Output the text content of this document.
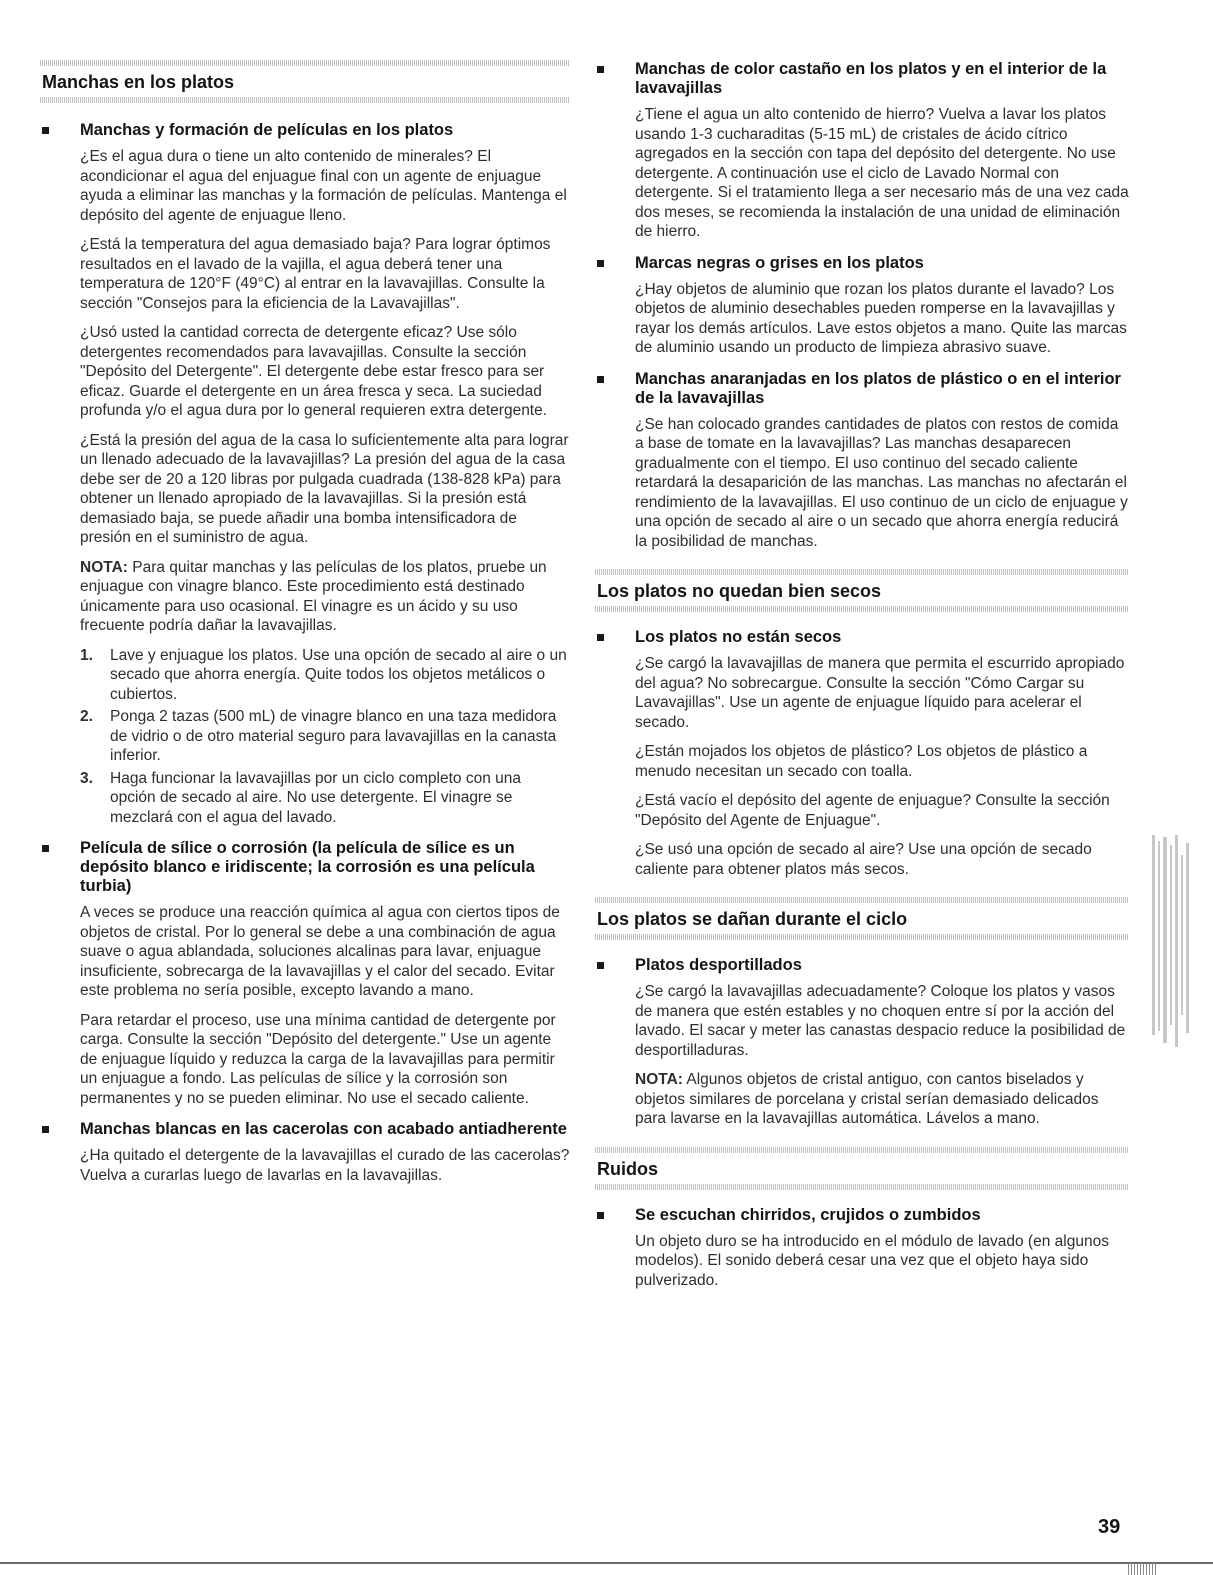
Manchas en los platos
Manchas y formación de películas en los platos

¿Es el agua dura o tiene un alto contenido de minerales? El acondicionar el agua del enjuague final con un agente de enjuague ayuda a eliminar las manchas y la formación de películas. Mantenga el depósito del agente de enjuague lleno.

¿Está la temperatura del agua demasiado baja? Para lograr óptimos resultados en el lavado de la vajilla, el agua deberá tener una temperatura de 120°F (49°C) al entrar en la lavavajillas. Consulte la sección "Consejos para la eficiencia de la Lavavajillas".

¿Usó usted la cantidad correcta de detergente eficaz? Use sólo detergentes recomendados para lavavajillas. Consulte la sección "Depósito del Detergente". El detergente debe estar fresco para ser eficaz. Guarde el detergente en un área fresca y seca. La suciedad profunda y/o el agua dura por lo general requieren extra detergente.

¿Está la presión del agua de la casa lo suficientemente alta para lograr un llenado adecuado de la lavavajillas? La presión del agua de la casa debe ser de 20 a 120 libras por pulgada cuadrada (138-828 kPa) para obtener un llenado apropiado de la lavavajillas. Si la presión está demasiado baja, se puede añadir una bomba intensificadora de presión en el suministro de agua.

NOTA: Para quitar manchas y las películas de los platos, pruebe un enjuague con vinagre blanco. Este procedimiento está destinado únicamente para uso ocasional. El vinagre es un ácido y su uso frecuente podría dañar la lavavajillas.

1. Lave y enjuague los platos. Use una opción de secado al aire o un secado que ahorra energía. Quite todos los objetos metálicos o cubiertos.
2. Ponga 2 tazas (500 mL) de vinagre blanco en una taza medidora de vidrio o de otro material seguro para lavavajillas en la canasta inferior.
3. Haga funcionar la lavavajillas por un ciclo completo con una opción de secado al aire. No use detergente. El vinagre se mezclará con el agua del lavado.
Película de sílice o corrosión (la película de sílice es un depósito blanco e iridiscente; la corrosión es una película turbia)

A veces se produce una reacción química al agua con ciertos tipos de objetos de cristal. Por lo general se debe a una combinación de agua suave o agua ablandada, soluciones alcalinas para lavar, enjuague insuficiente, sobrecarga de la lavavajillas y el calor del secado. Evitar este problema no sería posible, excepto lavando a mano.

Para retardar el proceso, use una mínima cantidad de detergente por carga. Consulte la sección "Depósito del detergente." Use un agente de enjuague líquido y reduzca la carga de la lavavajillas para permitir un enjuague a fondo. Las películas de sílice y la corrosión son permanentes y no se pueden eliminar. No use el secado caliente.

Manchas blancas en las cacerolas con acabado antiadherente

¿Ha quitado el detergente de la lavavajillas el curado de las cacerolas? Vuelva a curarlas luego de lavarlas en la lavavajillas.

Manchas de color castaño en los platos y en el interior de la lavavajillas

¿Tiene el agua un alto contenido de hierro? Vuelva a lavar los platos usando 1-3 cucharaditas (5-15 mL) de cristales de ácido cítrico agregados en la sección con tapa del depósito del detergente. No use detergente. A continuación use el ciclo de Lavado Normal con detergente. Si el tratamiento llega a ser necesario más de una vez cada dos meses, se recomienda la instalación de una unidad de eliminación de hierro.

Marcas negras o grises en los platos

¿Hay objetos de aluminio que rozan los platos durante el lavado? Los objetos de aluminio desechables pueden romperse en la lavavajillas y rayar los demás artículos. Lave estos objetos a mano. Quite las marcas de aluminio usando un producto de limpieza abrasivo suave.

Manchas anaranjadas en los platos de plástico o en el interior de la lavavajillas

¿Se han colocado grandes cantidades de platos con restos de comida a base de tomate en la lavavajillas? Las manchas desaparecen gradualmente con el tiempo. El uso continuo del secado caliente retardará la desaparición de las manchas. Las manchas no afectarán el rendimiento de la lavavajillas. El uso continuo de un ciclo de enjuague y una opción de secado al aire o un secado que ahorra energía reducirá la posibilidad de manchas.

Los platos no quedan bien secos
Los platos no están secos

¿Se cargó la lavavajillas de manera que permita el escurrido apropiado del agua? No sobrecargue. Consulte la sección "Cómo Cargar su Lavavajillas". Use un agente de enjuague líquido para acelerar el secado.

¿Están mojados los objetos de plástico? Los objetos de plástico a menudo necesitan un secado con toalla.

¿Está vacío el depósito del agente de enjuague? Consulte la sección "Depósito del Agente de Enjuague".

¿Se usó una opción de secado al aire? Use una opción de secado caliente para obtener platos más secos.

Los platos se dañan durante el ciclo
Platos desportillados

¿Se cargó la lavavajillas adecuadamente? Coloque los platos y vasos de manera que estén estables y no choquen entre sí por la acción del lavado. El sacar y meter las canastas despacio reduce la posibilidad de desportilladuras.

NOTA: Algunos objetos de cristal antiguo, con cantos biselados y objetos similares de porcelana y cristal serían demasiado delicados para lavarse en la lavavajillas automática. Lávelos a mano.

Ruidos
Se escuchan chirridos, crujidos o zumbidos

Un objeto duro se ha introducido en el módulo de lavado (en algunos modelos). El sonido deberá cesar una vez que el objeto haya sido pulverizado.

39
